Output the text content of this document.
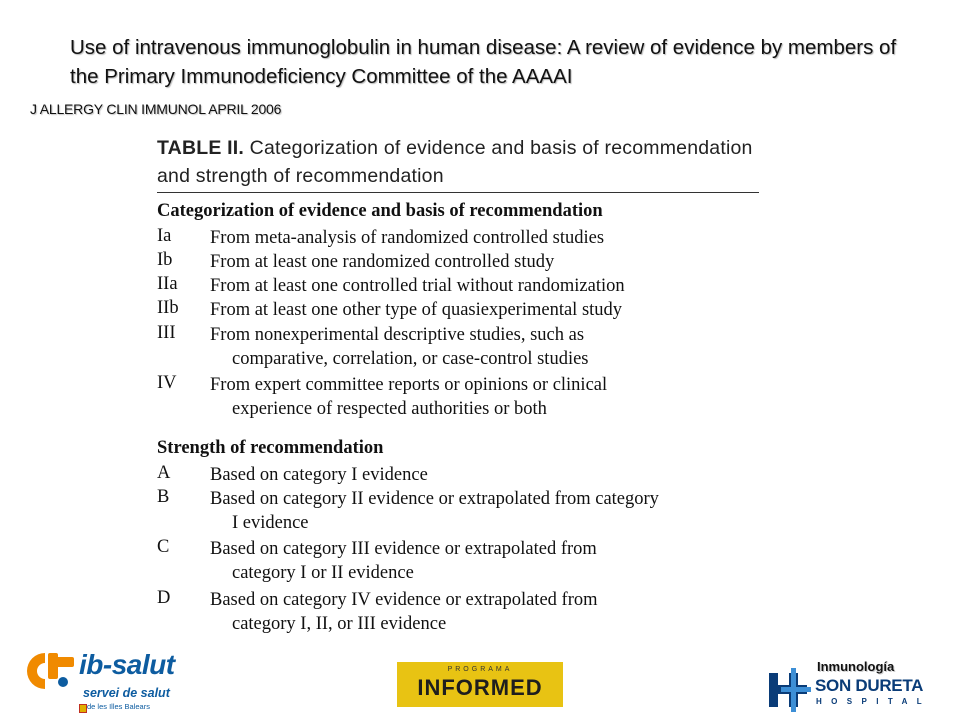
Use of intravenous immunoglobulin in human disease: A review of evidence by members of the Primary Immunodeficiency Committee of the AAAAI
J ALLERGY CLIN IMMUNOL APRIL 2006
TABLE II. Categorization of evidence and basis of recommendation and strength of recommendation
Categorization of evidence and basis of recommendation
Ia From meta-analysis of randomized controlled studies
Ib From at least one randomized controlled study
IIa From at least one controlled trial without randomization
IIb From at least one other type of quasiexperimental study
III From nonexperimental descriptive studies, such as
comparative, correlation, or case-control studies
IV From expert committee reports or opinions or clinical
experience of respected authorities or both
Strength of recommendation
A Based on category I evidence
B Based on category II evidence or extrapolated from category
I evidence
C Based on category III evidence or extrapolated from
category I or II evidence
D Based on category IV evidence or extrapolated from
category I, II, or III evidence
ib-salut
servei de salut
de les Illes Balears
PROGRAMA
INFORMED
Inmunología
SON DURETA
HOSPITAL
